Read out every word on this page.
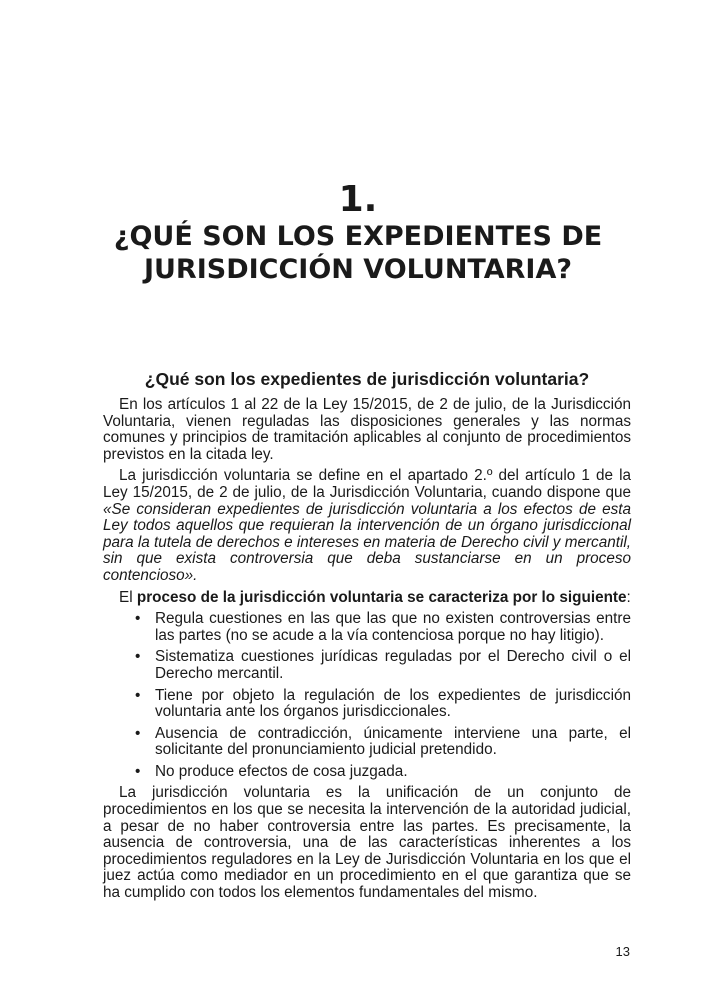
1.
¿QUÉ SON LOS EXPEDIENTES DE
JURISDICCIÓN VOLUNTARIA?
¿Qué son los expedientes de jurisdicción voluntaria?

En los artículos 1 al 22 de la Ley 15/2015, de 2 de julio, de la Jurisdicción Voluntaria, vienen reguladas las disposiciones generales y las normas comunes y principios de tramitación aplicables al conjunto de procedimientos previstos en la citada ley.

La jurisdicción voluntaria se define en el apartado 2.º del artículo 1 de la Ley 15/2015, de 2 de julio, de la Jurisdicción Voluntaria, cuando dispone que «Se consideran expedientes de jurisdicción voluntaria a los efectos de esta Ley todos aquellos que requieran la intervención de un órgano jurisdiccional para la tutela de derechos e intereses en materia de Derecho civil y mercantil, sin que exista controversia que deba sustanciarse en un proceso contencioso».

El proceso de la jurisdicción voluntaria se caracteriza por lo siguiente:

• Regula cuestiones en las que las que no existen controversias entre las partes (no se acude a la vía contenciosa porque no hay litigio).
• Sistematiza cuestiones jurídicas reguladas por el Derecho civil o el Derecho mercantil.
• Tiene por objeto la regulación de los expedientes de jurisdicción voluntaria ante los órganos jurisdiccionales.
• Ausencia de contradicción, únicamente interviene una parte, el solicitante del pronunciamiento judicial pretendido.
• No produce efectos de cosa juzgada.

La jurisdicción voluntaria es la unificación de un conjunto de procedimientos en los que se necesita la intervención de la autoridad judicial, a pesar de no haber controversia entre las partes. Es precisamente, la ausencia de controversia, una de las características inherentes a los procedimientos reguladores en la Ley de Jurisdicción Voluntaria en los que el juez actúa como mediador en un procedimiento en el que garantiza que se ha cumplido con todos los elementos fundamentales del mismo.

13
